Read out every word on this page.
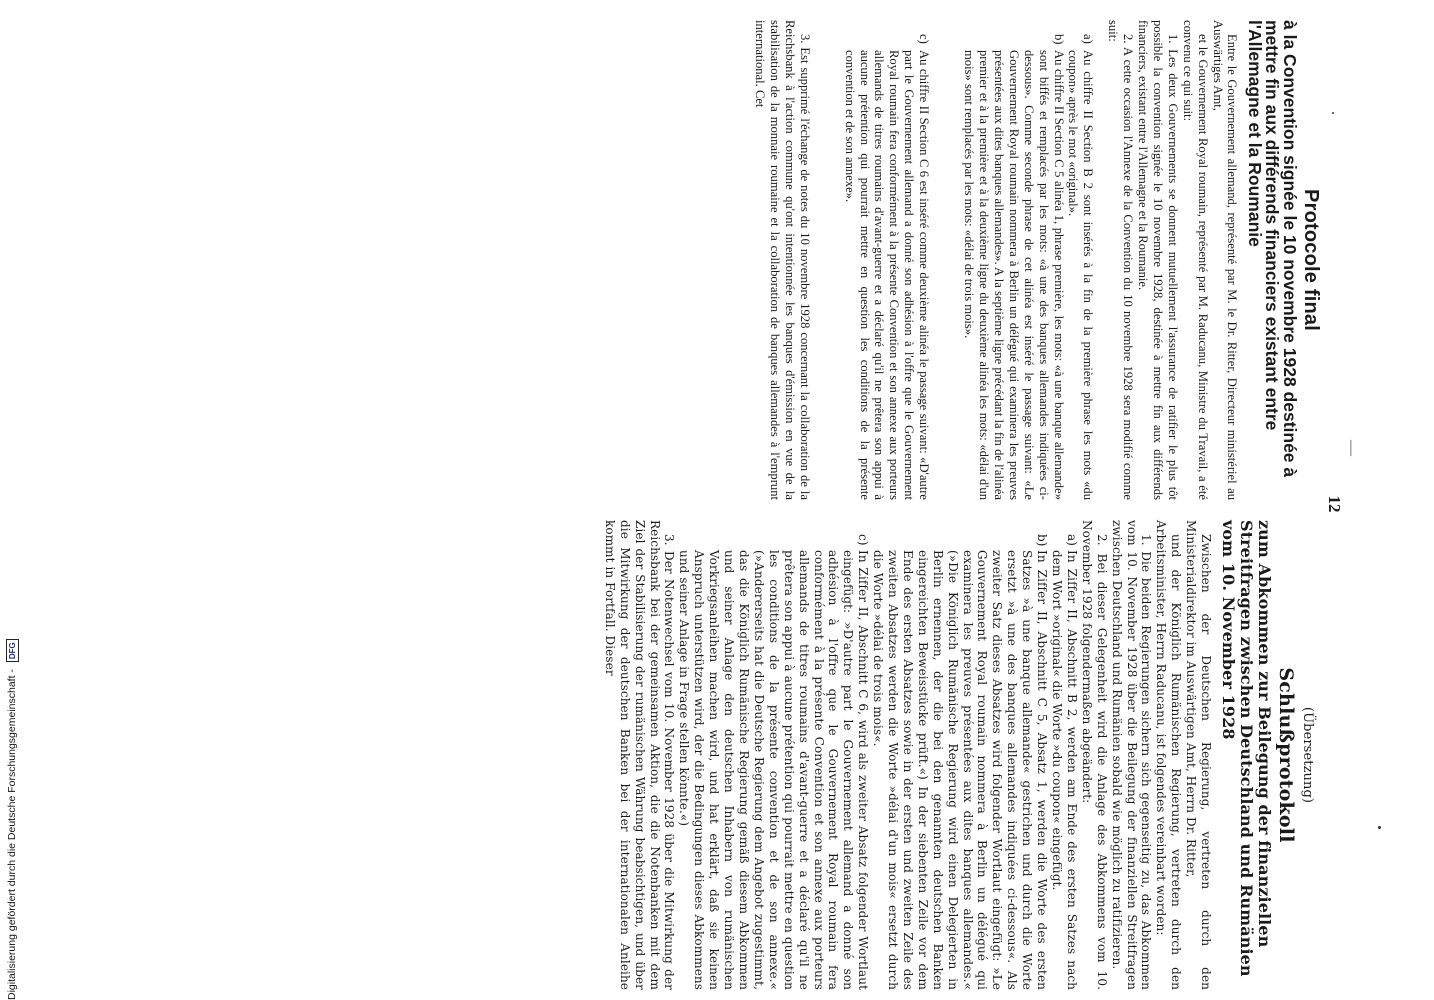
—
12
Protocole final
à la Convention signée le 10 novembre 1928 destinée à mettre fin aux différends financiers existant entre l'Allemagne et la Roumanie

Entre le Gouvernement allemand, représenté par M. le Dr. Ritter, Directeur ministériel au Auswärtiges Amt,

et le Gouvernement Royal roumain, représenté par M. Raducanu, Ministre du Travail, a été convenu ce qui suit:

1. Les deux Gouvernements se donnent mutuellement l'assurance de ratifier le plus tôt possible la convention signée le 10 novembre 1928, destinée à mettre fin aux différends financiers, existant entre l'Allemagne et la Roumanie.

2. A cette occasion l'Annexe de la Convention du 10 novembre 1928 sera modifié comme suit:

a)Au chiffre II Section B 2 sont insérés à la fin de la première phrase les mots «du coupon» après le mot «original».

b)Au chiffre II Section C 5 alinéa 1, phrase première, les mots: «à une banque allemande» sont biffés et remplacés par les mots: «à une des banques allemandes indiquées ci-dessous». Comme seconde phrase de cet alinéa est inséré le passage suivant: «Le Gouvernement Royal roumain nommera à Berlin un délégué qui examinera les preuves présentées aux dites banques allemandes». A la septième ligne précédant la fin de l'alinéa premier et à la première et à la deuxième ligne du deuxième alinéa les mots: «délai d'un mois» sont remplacés par les mots: «délai de trois mois».

c)Au chiffre II Section C 6 est inséré comme deuxième alinéa le passage suivant: «D'autre part le Gouvernement allemand a donné son adhésion à l'offre que le Gouvernement Royal roumain fera conformément à la présente Convention et son annexe aux porteurs allemands de titres roumains d'avant-guerre et a déclaré qu'il ne prêtera son appui à aucune prétention qui pourrait mettre en question les conditions de la présente convention et de son annexe».

3. Est supprimé l'échange de notes du 10 novembre 1928 concernant la collaboration de la Reichsbank à l'action commune qu'ont intentionnée les banques d'émission en vue de la stabilisation de la monnaie roumaine et la collaboration de banques allemandes à l'emprunt international. Cet

(Übersetzung)
Schlußprotokoll
zum Abkommen zur Beilegung der finanziellen Streitfragen zwischen Deutschland und Rumänien vom 10. November 1928

Zwischen der Deutschen Regierung, vertreten durch den Ministerialdirektor im Auswärtigen Amt, Herrn Dr. Ritter,

und der Königlich Rumänischen Regierung, vertreten durch den Arbeitsminister, Herrn Raducanu, ist folgendes vereinbart worden:

1. Die beiden Regierungen sichern sich gegenseitig zu, das Abkommen vom 10. November 1928 über die Beilegung der finanziellen Streitfragen zwischen Deutschland und Rumänien sobald wie möglich zu ratifizieren.

2. Bei dieser Gelegenheit wird die Anlage des Abkommens vom 10. November 1928 folgendermaßen abgeändert:

a)In Ziffer II, Abschnitt B 2, werden am Ende des ersten Satzes nach dem Wort »original« die Worte »du coupon« eingefügt.

b)In Ziffer II, Abschnitt C 5, Absatz 1, werden die Worte des ersten Satzes »à une banque allemande« gestrichen und durch die Worte ersetzt »à une des banques allemandes indiquées ci-dessous«. Als zweiter Satz dieses Absatzes wird folgender Wortlaut eingefügt: »Le Gouvernement Royal roumain nommera à Berlin un délégué qui examinera les preuves présentées aux dites banques allemandes.« (»Die Königlich Rumänische Regierung wird einen Delegierten in Berlin ernennen, der die bei den genannten deutschen Banken eingereichten Beweisstücke prüft.«) In der siebenten Zeile vor dem Ende des ersten Absatzes sowie in der ersten und zweiten Zeile des zweiten Absatzes werden die Worte »délai d'un mois« ersetzt durch die Worte »délai de trois mois«.

c)In Ziffer II, Abschnitt C 6, wird als zweiter Absatz folgender Wortlaut eingefügt: »D'autre part le Gouvernement allemand a donné son adhésion à l'offre que le Gouvernement Royal roumain fera conformément à la présente Convention et son annexe aux porteurs allemands de titres roumains d'avant-guerre et a déclaré qu'il ne prêtera son appui à aucune prétention qui pourrait mettre en question les conditions de la présente convention et de son annexe.« (»Andererseits hat die Deutsche Regierung dem Angebot zugestimmt, das die Königlich Rumänische Regierung gemäß diesem Abkommen und seiner Anlage den deutschen Inhabern von rumänischen Vorkriegsanleihen machen wird, und hat erklärt, daß sie keinen Anspruch unterstützen wird, der die Bedingungen dieses Abkommens und seiner Anlage in Frage stellen könnte.«)

3. Der Notenwechsel vom 10. November 1928 über die Mitwirkung der Reichsbank bei der gemeinsamen Aktion, die die Notenbanken mit dem Ziel der Stabilisierung der rumänischen Währung beabsichtigen, und über die Mitwirkung der deutschen Banken bei der internationalen Anleihe kommt in Fortfall. Dieser

Digitalisierung gefördert durch die Deutsche Forschungsgemeinschaft - DFG
